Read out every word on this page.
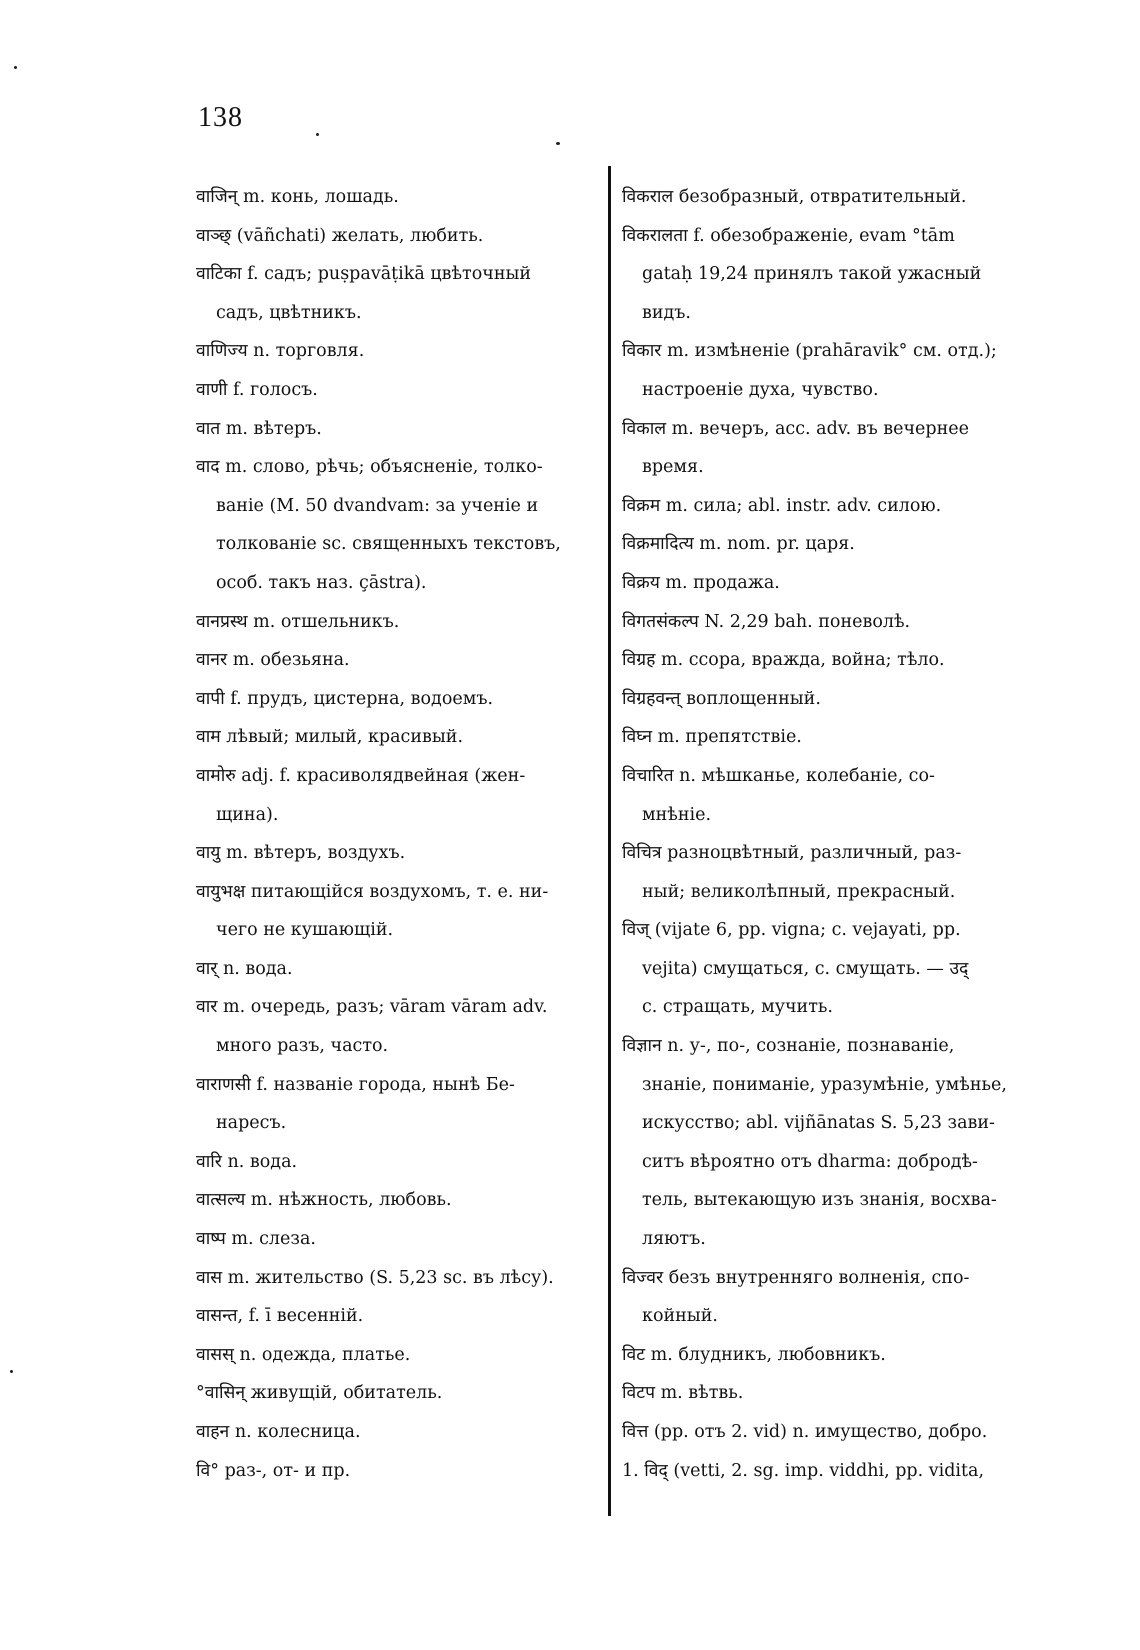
138
वाजिन् m. конь, лошадь.
वाञ्छ् (vāñchati) желать, любить.
वाटिका f. садъ; puṣpavāṭikā цвѣточный
садъ, цвѣтникъ.
वाणिज्य n. торговля.
वाणी f. голосъ.
वात m. вѣтеръ.
वाद m. слово, рѣчь; объясненіе, толко-
ваніе (M. 50 dvandvam: за ученіе и
толкованіе sc. священныхъ текстовъ,
особ. такъ наз. çāstra).
वानप्रस्थ m. отшельникъ.
वानर m. обезьяна.
वापी f. прудъ, цистерна, водоемъ.
वाम лѣвый; милый, красивый.
वामोरु adj. f. красиволядвейная (жен-
щина).
वायु m. вѣтеръ, воздухъ.
वायुभक्ष питающійся воздухомъ, т. е. ни-
чего не кушающій.
वार् n. вода.
वार m. очередь, разъ; vāram vāram adv.
много разъ, часто.
वाराणसी f. названіе города, нынѣ Бе-
наресъ.
वारि n. вода.
वात्सल्य m. нѣжность, любовь.
वाष्प m. слеза.
वास m. жительство (S. 5,23 sc. въ лѣсу).
वासन्त, f. ī весенній.
वासस् n. одежда, платье.
°वासिन् живущій, обитатель.
वाहन n. колесница.
वि° раз-, от- и пр.
विकराल безобразный, отвратительный.
विकरालता f. обезображеніе, evam °tām
gataḥ 19,24 принялъ такой ужасный
видъ.
विकार m. измѣненіе (prahāravik° см. отд.);
настроеніе духа, чувство.
विकाल m. вечеръ, acc. adv. въ вечернее
время.
विक्रम m. сила; abl. instr. adv. силою.
विक्रमादित्य m. nom. pr. царя.
विक्रय m. продажа.
विगतसंकल्प N. 2,29 bah. поневолѣ.
विग्रह m. ссора, вражда, война; тѣло.
विग्रहवन्त् воплощенный.
विघ्न m. препятствіе.
विचारित n. мѣшканье, колебаніе, со-
мнѣніе.
विचित्र разноцвѣтный, различный, раз-
ный; великолѣпный, прекрасный.
विज् (vijate 6, pp. vigna; c. vejayati, pp.
vejita) смущаться, c. смущать. — उद्
c. стращать, мучить.
विज्ञान n. у-, по-, сознаніе, познаваніе,
знаніе, пониманіе, уразумѣніе, умѣнье,
искусство; abl. vijñānatas S. 5,23 зави-
ситъ вѣроятно отъ dharma: добродѣ-
тель, вытекающую изъ знанія, восхва-
ляютъ.
विज्वर безъ внутренняго волненія, спо-
койный.
विट m. блудникъ, любовникъ.
विटप m. вѣтвь.
वित्त (pp. отъ 2. vid) n. имущество, добро.
1. विद् (vetti, 2. sg. imp. viddhi, pp. vidita,
